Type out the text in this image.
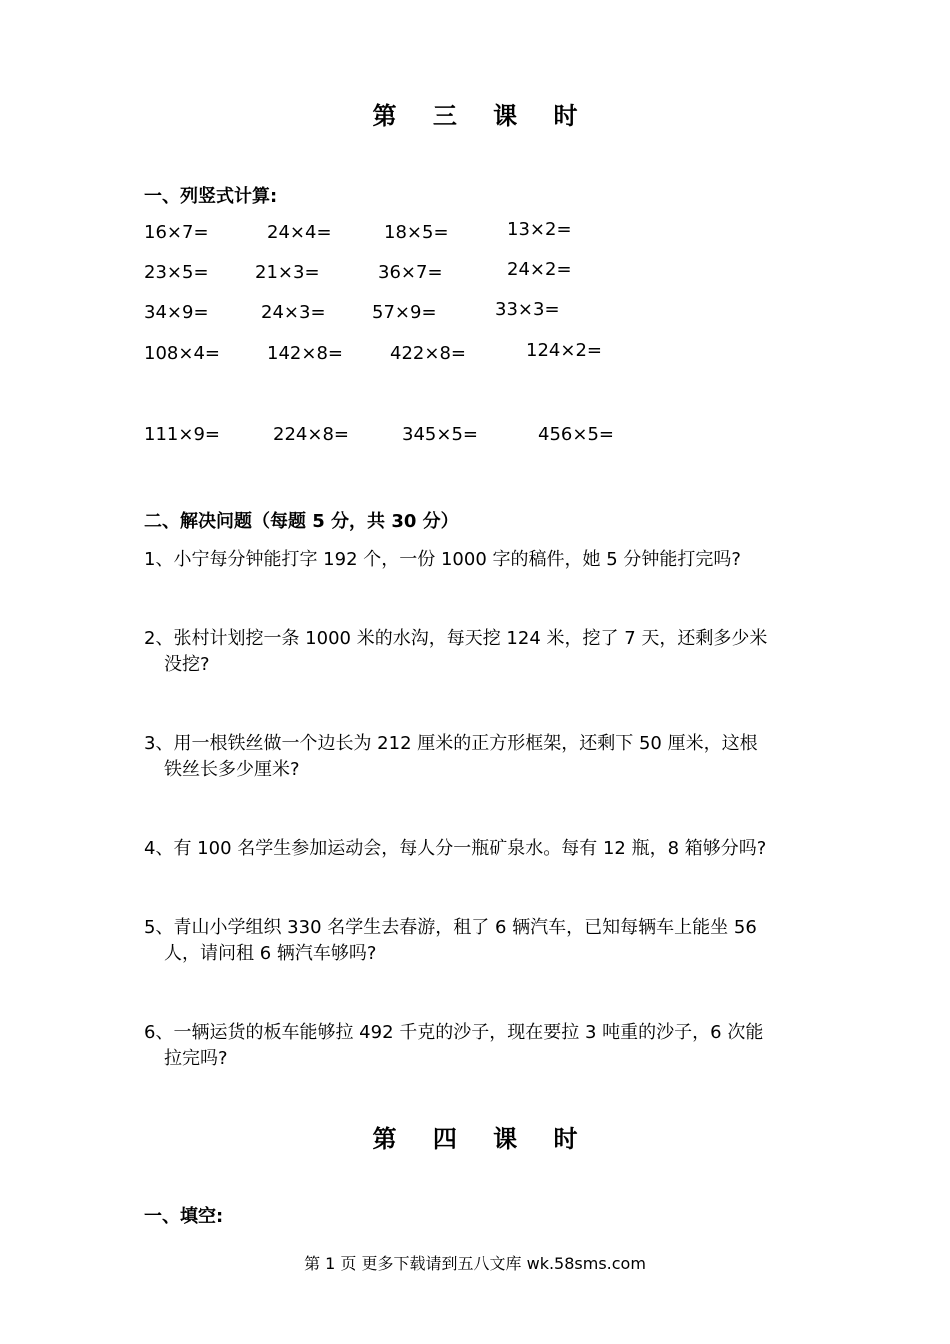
第 三 课 时
一、列竖式计算:
16×7=	24×4=	18×5=	13×2=
23×5=	21×3=	36×7=	24×2=
34×9=	24×3=	57×9=	33×3=
108×4=	142×8=	422×8=	124×2=
111×9=	224×8=	345×5=	456×5=
二、解决问题（每题 5 分，共 30 分）
1、小宁每分钟能打字 192 个，一份 1000 字的稿件，她 5 分钟能打完吗?
2、张村计划挖一条 1000 米的水沟，每天挖 124 米，挖了 7 天，还剩多少米
没挖?
3、用一根铁丝做一个边长为 212 厘米的正方形框架，还剩下 50 厘米，这根
铁丝长多少厘米?
4、有 100 名学生参加运动会，每人分一瓶矿泉水。每有 12 瓶，8 箱够分吗?
5、青山小学组织 330 名学生去春游，租了 6 辆汽车，已知每辆车上能坐 56
人，请问租 6 辆汽车够吗?
6、一辆运货的板车能够拉 492 千克的沙子，现在要拉 3 吨重的沙子，6 次能
拉完吗?
第 四 课 时
一、填空:
第 1 页 更多下载请到五八文库 wk.58sms.com
